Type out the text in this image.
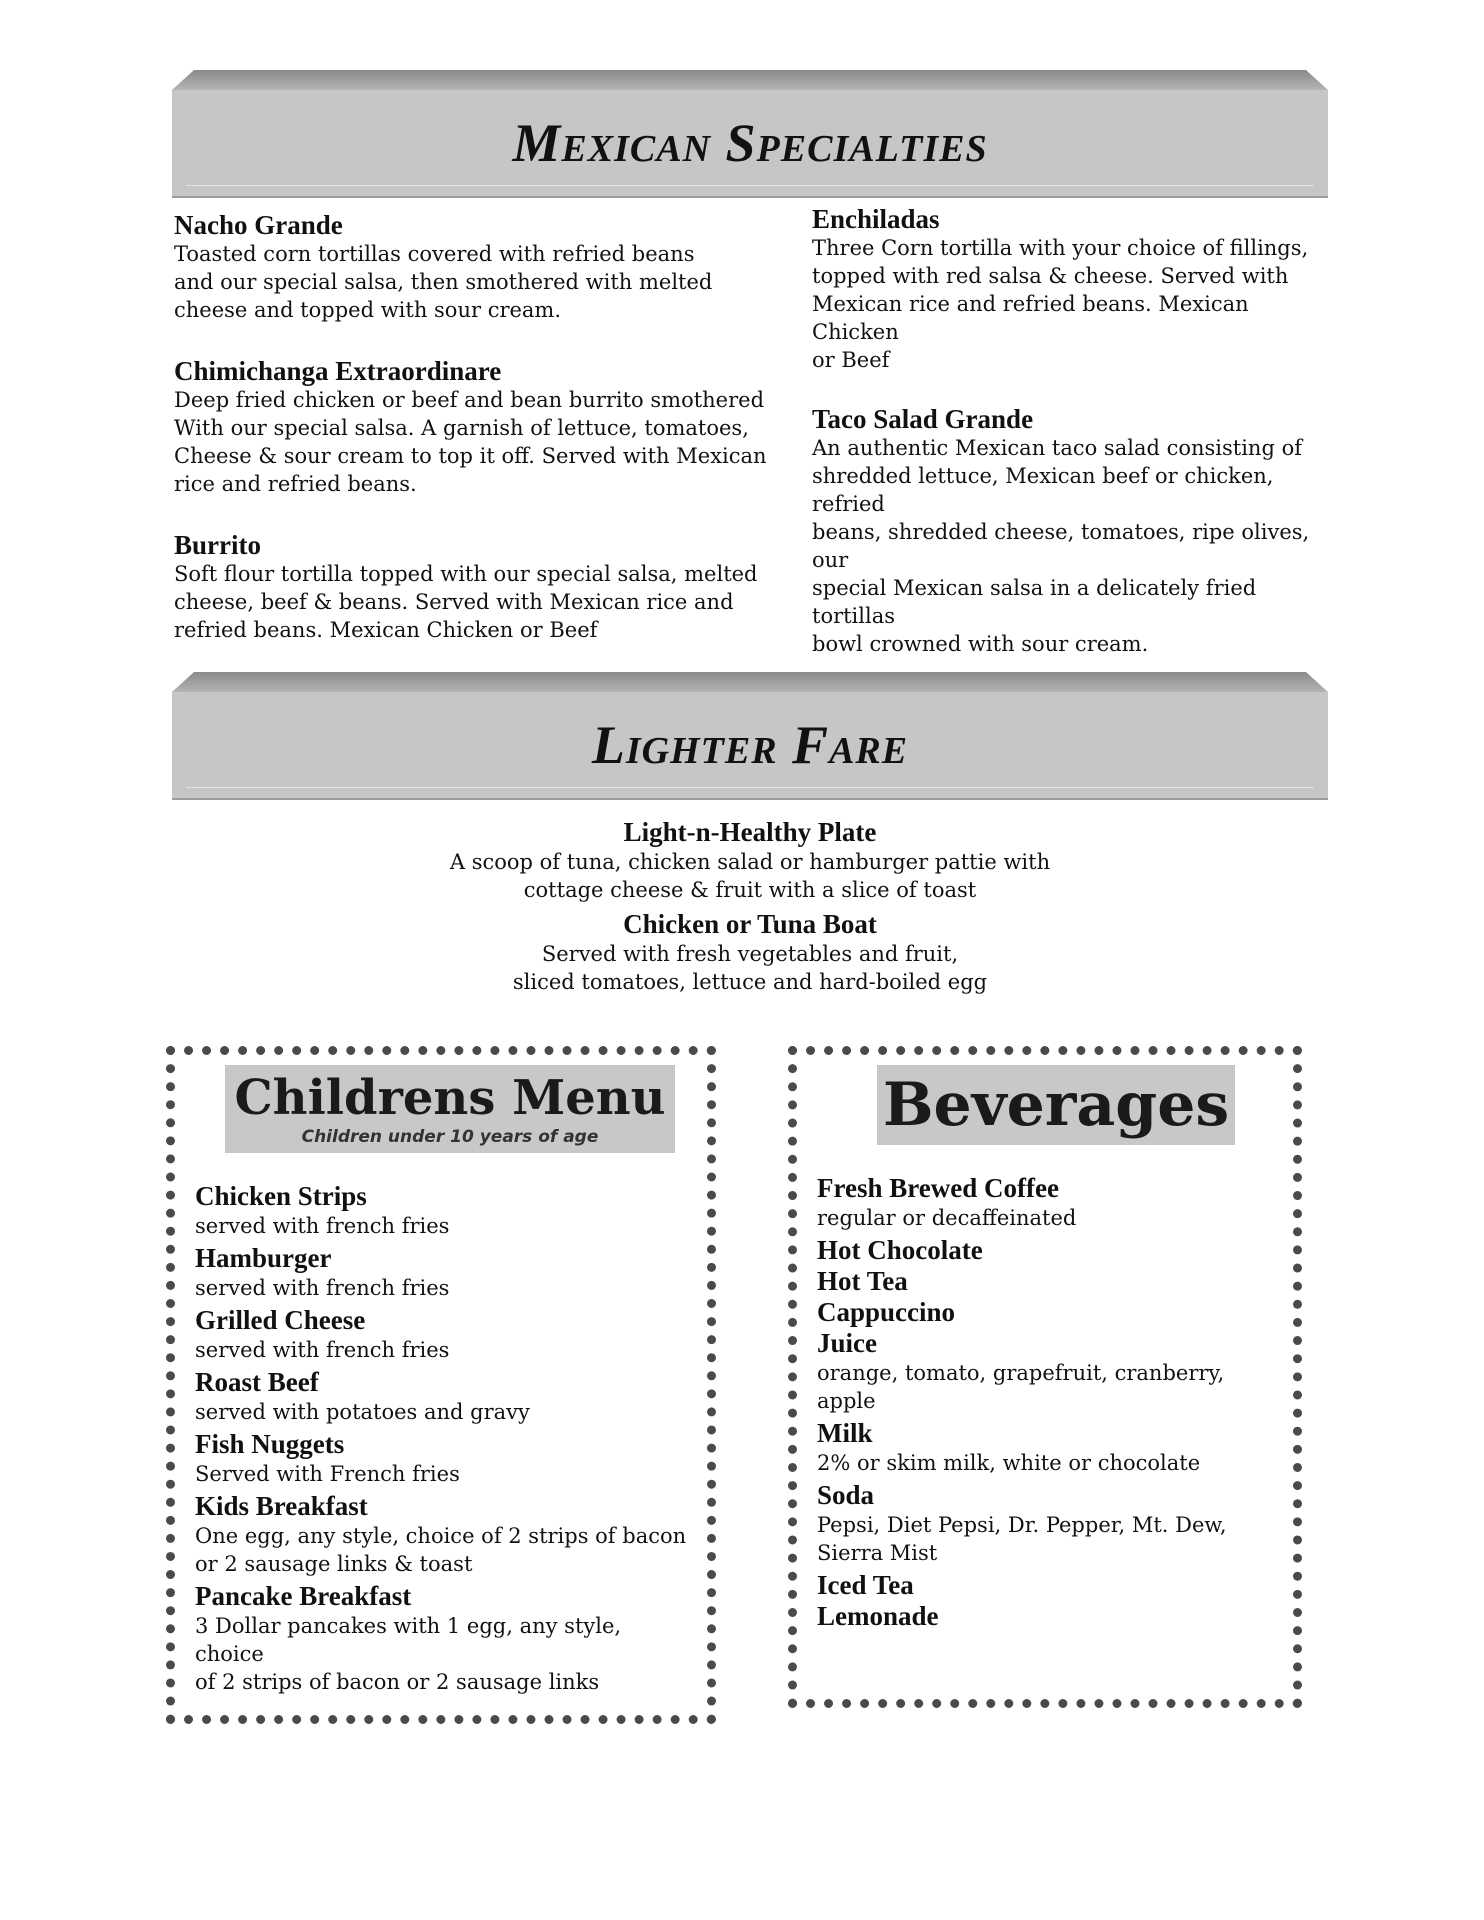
Mexican Specialties
Nacho Grande
Toasted corn tortillas covered with refried beans
and our special salsa, then smothered with melted
cheese and topped with sour cream.
Chimichanga Extraordinare
Deep fried chicken or beef and bean burrito smothered
With our special salsa. A garnish of lettuce, tomatoes,
Cheese & sour cream to top it off. Served with Mexican
rice and refried beans.
Burrito
Soft flour tortilla topped with our special salsa, melted
cheese, beef & beans. Served with Mexican rice and
refried beans. Mexican Chicken or Beef
Enchiladas
Three Corn tortilla with your choice of fillings,
topped with red salsa & cheese. Served with
Mexican rice and refried beans. Mexican Chicken
or Beef
Taco Salad Grande
An authentic Mexican taco salad consisting of
shredded lettuce, Mexican beef or chicken, refried
beans, shredded cheese, tomatoes, ripe olives, our
special Mexican salsa in a delicately fried tortillas
bowl crowned with sour cream.
Lighter Fare
Light-n-Healthy Plate
A scoop of tuna, chicken salad or hamburger pattie with
cottage cheese & fruit with a slice of toast
Chicken or Tuna Boat
Served with fresh vegetables and fruit,
sliced tomatoes, lettuce and hard-boiled egg
Childrens Menu
Children under 10 years of age
Chicken Strips
served with french fries
Hamburger
served with french fries
Grilled Cheese
served with french fries
Roast Beef
served with potatoes and gravy
Fish Nuggets
Served with French fries
Kids Breakfast
One egg, any style, choice of 2 strips of bacon
or 2 sausage links & toast
Pancake Breakfast
3 Dollar pancakes with 1 egg, any style, choice
of 2 strips of bacon or 2 sausage links
Beverages
Fresh Brewed Coffee
regular or decaffeinated
Hot Chocolate
Hot Tea
Cappuccino
Juice
orange, tomato, grapefruit, cranberry,
apple
Milk
2% or skim milk, white or chocolate
Soda
Pepsi, Diet Pepsi, Dr. Pepper, Mt. Dew,
Sierra Mist
Iced Tea
Lemonade
